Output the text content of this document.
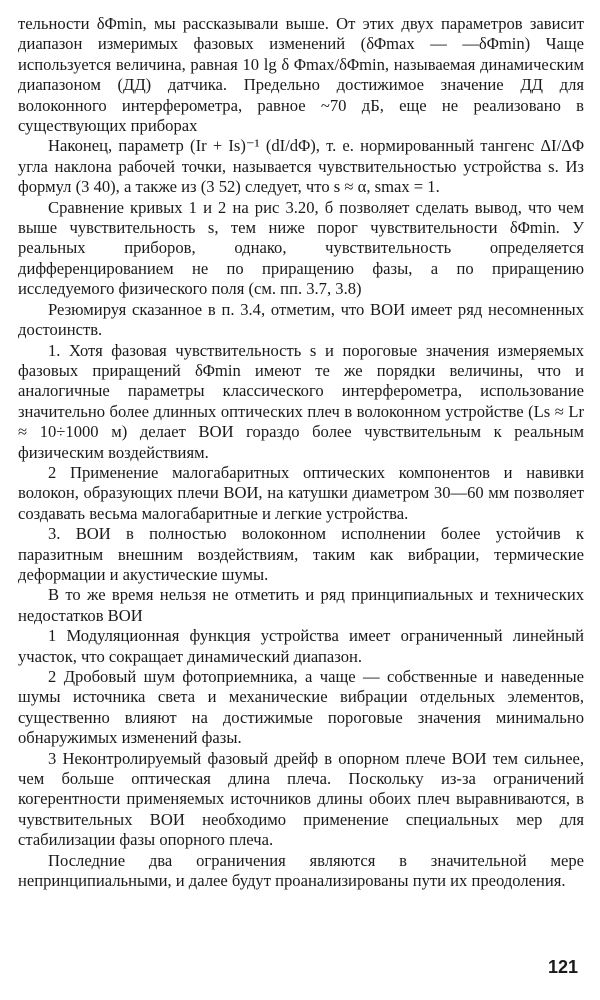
тельности δΦmin, мы рассказывали выше. От этих двух параметров зависит диапазон измеримых фазовых изменений (δΦmax — —δΦmin) Чаще используется величина, равная 10 lg δ Φmax/δΦmin, называемая динамическим диапазоном (ДД) датчика. Предельно достижимое значение ДД для волоконного интерферометра, равное ~70 дБ, еще не реализовано в существующих приборах

Наконец, параметр (Ir + Is)⁻¹ (dI/dΦ), т. е. нормированный тангенс ΔI/ΔΦ угла наклона рабочей точки, называется чувствительностью устройства s. Из формул (3 40), а также из (3 52) следует, что s ≈ α, smax = 1.

Сравнение кривых 1 и 2 на рис 3.20, б позволяет сделать вывод, что чем выше чувствительность s, тем ниже порог чувствительности δΦmin. У реальных приборов, однако, чувствительность определяется дифференцированием не по приращению фазы, а по приращению исследуемого физического поля (см. пп. 3.7, 3.8)

Резюмируя сказанное в п. 3.4, отметим, что ВОИ имеет ряд несомненных достоинств.

1. Хотя фазовая чувствительность s и пороговые значения измеряемых фазовых приращений δΦmin имеют те же порядки величины, что и аналогичные параметры классического интерферометра, использование значительно более длинных оптических плеч в волоконном устройстве (Ls ≈ Lr ≈ 10÷1000 м) делает ВОИ гораздо более чувствительным к реальным физическим воздействиям.

2 Применение малогабаритных оптических компонентов и навивки волокон, образующих плечи ВОИ, на катушки диаметром 30—60 мм позволяет создавать весьма малогабаритные и легкие устройства.

3. ВОИ в полностью волоконном исполнении более устойчив к паразитным внешним воздействиям, таким как вибрации, термические деформации и акустические шумы.

В то же время нельзя не отметить и ряд принципиальных и технических недостатков ВОИ

1 Модуляционная функция устройства имеет ограниченный линейный участок, что сокращает динамический диапазон.

2 Дробовый шум фотоприемника, а чаще — собственные и наведенные шумы источника света и механические вибрации отдельных элементов, существенно влияют на достижимые пороговые значения минимально обнаружимых изменений фазы.

3 Неконтролируемый фазовый дрейф в опорном плече ВОИ тем сильнее, чем больше оптическая длина плеча. Поскольку из-за ограничений когерентности применяемых источников длины обоих плеч выравниваются, в чувствительных ВОИ необходимо применение специальных мер для стабилизации фазы опорного плеча.

Последние два ограничения являются в значительной мере непринципиальными, и далее будут проанализированы пути их преодоления.

121
